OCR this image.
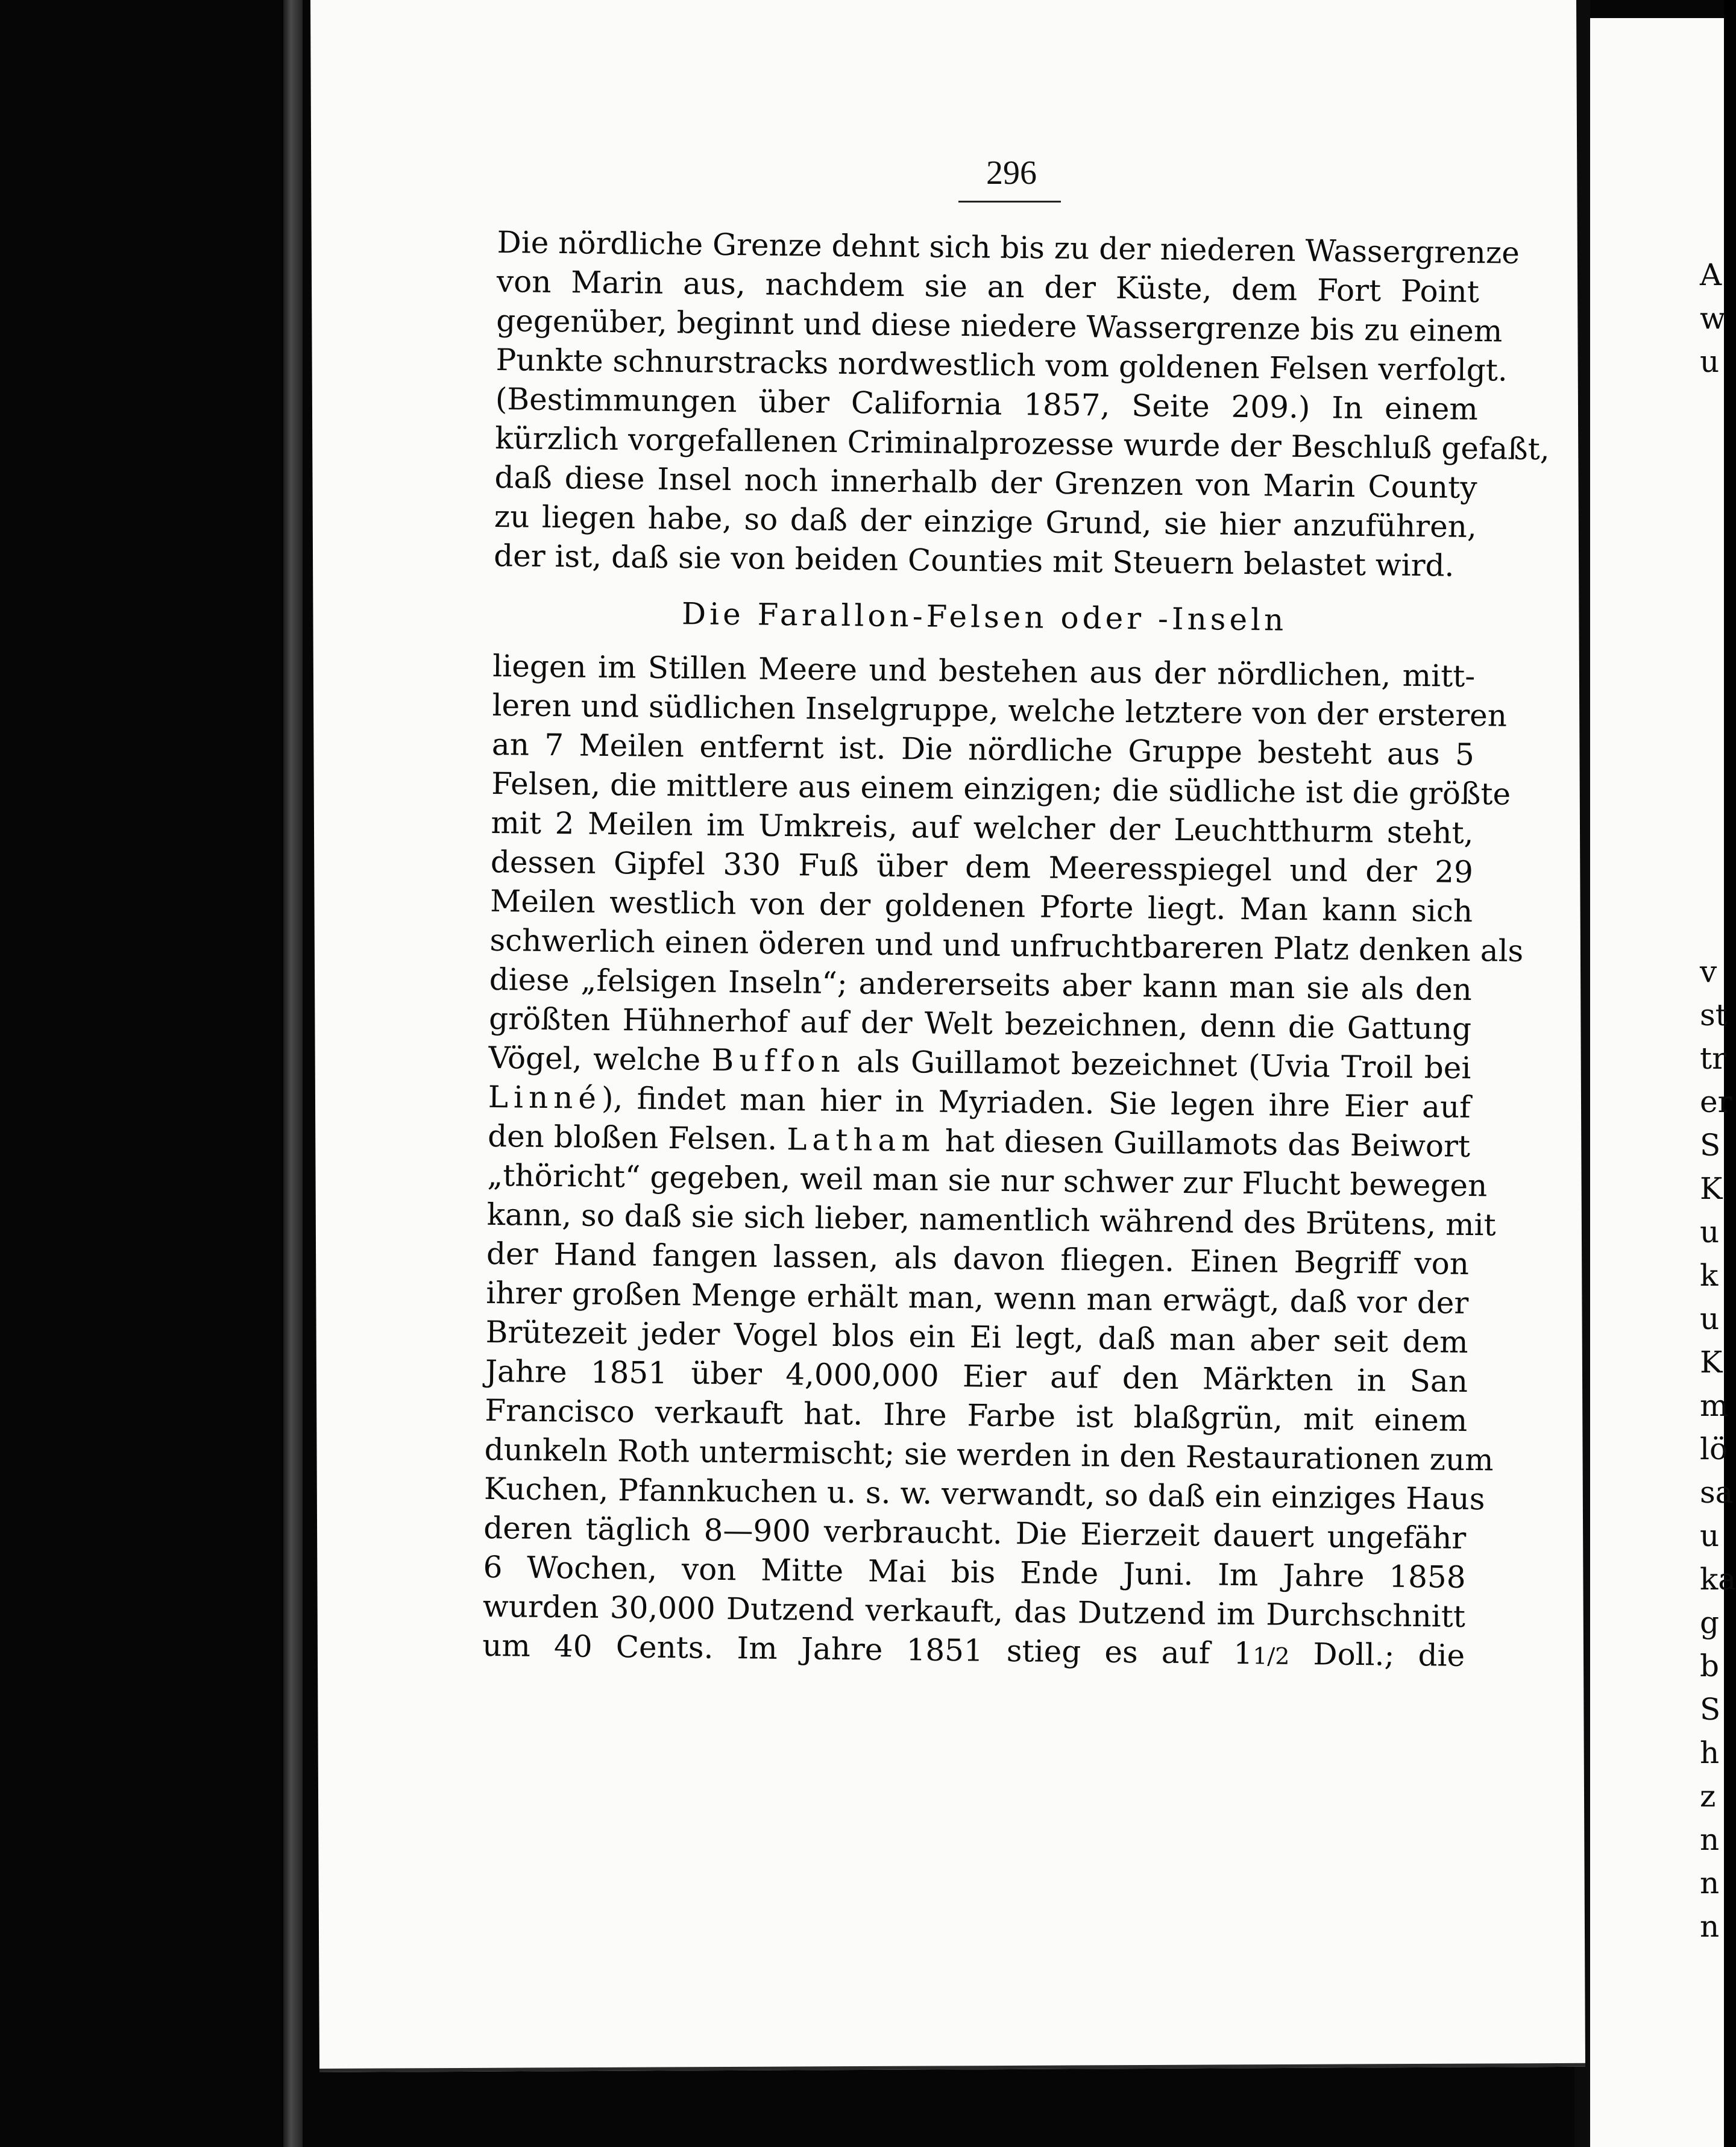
296
Die nördliche Grenze dehnt sich bis zu der niederen Wassergrenze
von Marin aus, nachdem sie an der Küste, dem Fort Point
gegenüber, beginnt und diese niedere Wassergrenze bis zu einem
Punkte schnurstracks nordwestlich vom goldenen Felsen verfolgt.
(Bestimmungen über California 1857, Seite 209.) In einem
kürzlich vorgefallenen Criminalprozesse wurde der Beschluß gefaßt,
daß diese Insel noch innerhalb der Grenzen von Marin County
zu liegen habe, so daß der einzige Grund, sie hier anzuführen,
der ist, daß sie von beiden Counties mit Steuern belastet wird.
Die Farallon-Felsen oder -Inseln
liegen im Stillen Meere und bestehen aus der nördlichen, mitt-
leren und südlichen Inselgruppe, welche letztere von der ersteren
an 7 Meilen entfernt ist. Die nördliche Gruppe besteht aus 5
Felsen, die mittlere aus einem einzigen; die südliche ist die größte
mit 2 Meilen im Umkreis, auf welcher der Leuchtthurm steht,
dessen Gipfel 330 Fuß über dem Meeresspiegel und der 29
Meilen westlich von der goldenen Pforte liegt. Man kann sich
schwerlich einen öderen und und unfruchtbareren Platz denken als
diese „felsigen Inseln“; andererseits aber kann man sie als den
größten Hühnerhof auf der Welt bezeichnen, denn die Gattung
Vögel, welche Buffon als Guillamot bezeichnet (Uvia Troil bei
Linné), findet man hier in Myriaden. Sie legen ihre Eier auf
den bloßen Felsen. Latham hat diesen Guillamots das Beiwort
„thöricht“ gegeben, weil man sie nur schwer zur Flucht bewegen
kann, so daß sie sich lieber, namentlich während des Brütens, mit
der Hand fangen lassen, als davon fliegen. Einen Begriff von
ihrer großen Menge erhält man, wenn man erwägt, daß vor der
Brütezeit jeder Vogel blos ein Ei legt, daß man aber seit dem
Jahre 1851 über 4,000,000 Eier auf den Märkten in San
Francisco verkauft hat. Ihre Farbe ist blaßgrün, mit einem
dunkeln Roth untermischt; sie werden in den Restaurationen zum
Kuchen, Pfannkuchen u. s. w. verwandt, so daß ein einziges Haus
deren täglich 8—900 verbraucht. Die Eierzeit dauert ungefähr
6 Wochen, von Mitte Mai bis Ende Juni. Im Jahre 1858
wurden 30,000 Dutzend verkauft, das Dutzend im Durchschnitt
um 40 Cents. Im Jahre 1851 stieg es auf 11/2 Doll.; die
A
w
u
v
st
tr
er
S
K
u
k
u
K
m
lö
sa
u
ka
g
b
S
h
z
n
n
n
